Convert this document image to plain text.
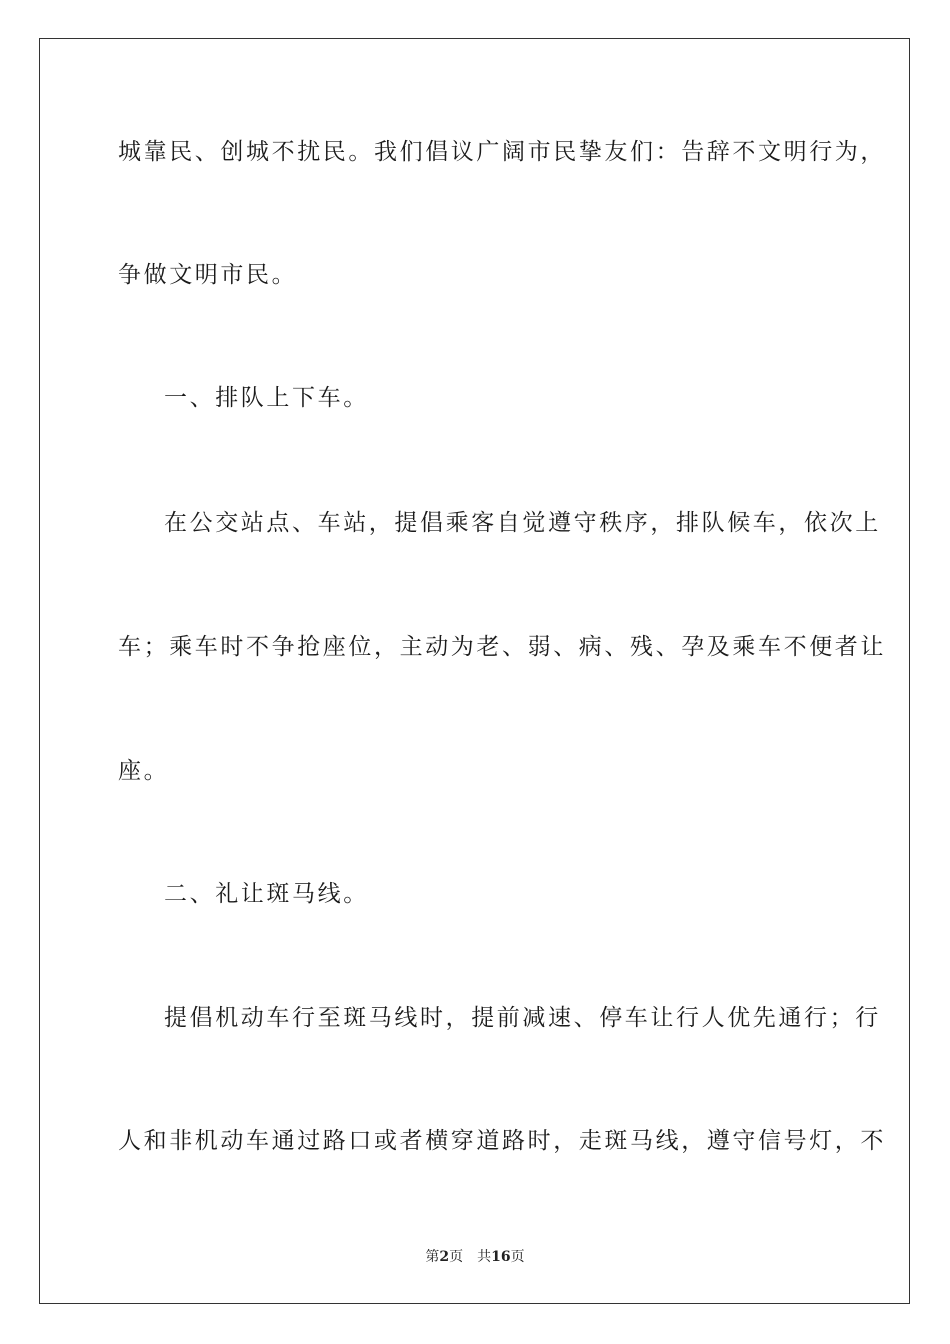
城靠民、创城不扰民。我们倡议广阔市民挚友们：告辞不文明行为，
争做文明市民。
一、排队上下车。
在公交站点、车站，提倡乘客自觉遵守秩序，排队候车，依次上
车；乘车时不争抢座位，主动为老、弱、病、残、孕及乘车不便者让
座。
二、礼让斑马线。
提倡机动车行至斑马线时，提前减速、停车让行人优先通行；行
人和非机动车通过路口或者横穿道路时，走斑马线，遵守信号灯，不
第2页 共16页
